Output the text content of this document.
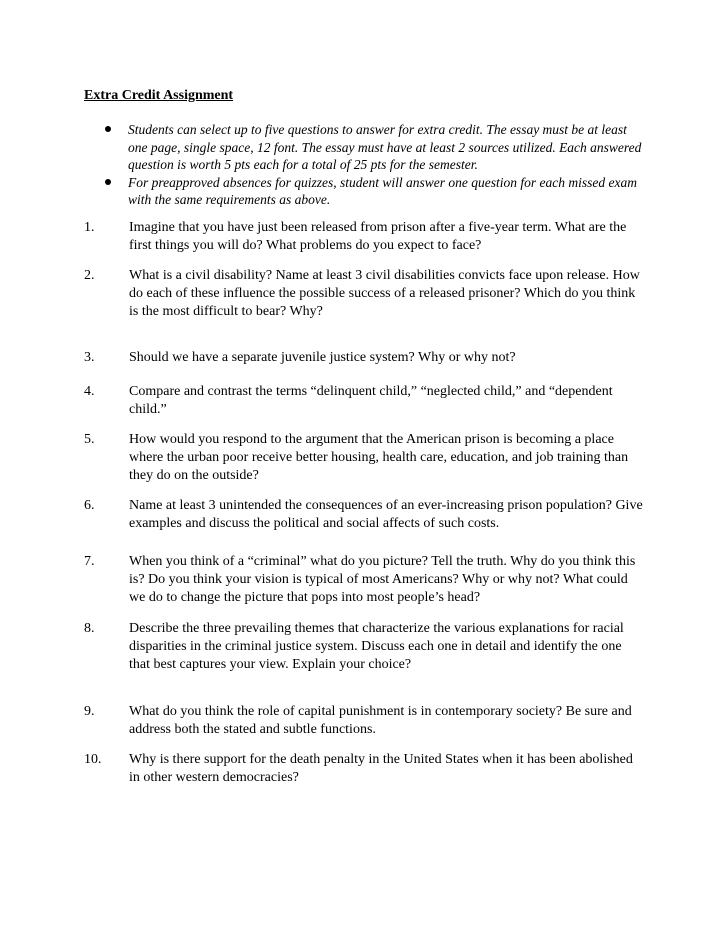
Extra Credit Assignment
Students can select up to five questions to answer for extra credit. The essay must be at least one page, single space, 12 font. The essay must have at least 2 sources utilized. Each answered question is worth 5 pts each for a total of 25 pts for the semester.
For preapproved absences for quizzes, student will answer one question for each missed exam with the same requirements as above.
1. Imagine that you have just been released from prison after a five-year term. What are the first things you will do? What problems do you expect to face?
2. What is a civil disability? Name at least 3 civil disabilities convicts face upon release. How do each of these influence the possible success of a released prisoner? Which do you think is the most difficult to bear? Why?
3. Should we have a separate juvenile justice system? Why or why not?
4. Compare and contrast the terms “delinquent child,” “neglected child,” and “dependent child.”
5. How would you respond to the argument that the American prison is becoming a place where the urban poor receive better housing, health care, education, and job training than they do on the outside?
6. Name at least 3 unintended the consequences of an ever-increasing prison population? Give examples and discuss the political and social affects of such costs.
7. When you think of a “criminal” what do you picture? Tell the truth. Why do you think this is? Do you think your vision is typical of most Americans? Why or why not? What could we do to change the picture that pops into most people’s head?
8. Describe the three prevailing themes that characterize the various explanations for racial disparities in the criminal justice system. Discuss each one in detail and identify the one that best captures your view. Explain your choice?
9. What do you think the role of capital punishment is in contemporary society? Be sure and address both the stated and subtle functions.
10. Why is there support for the death penalty in the United States when it has been abolished in other western democracies?
